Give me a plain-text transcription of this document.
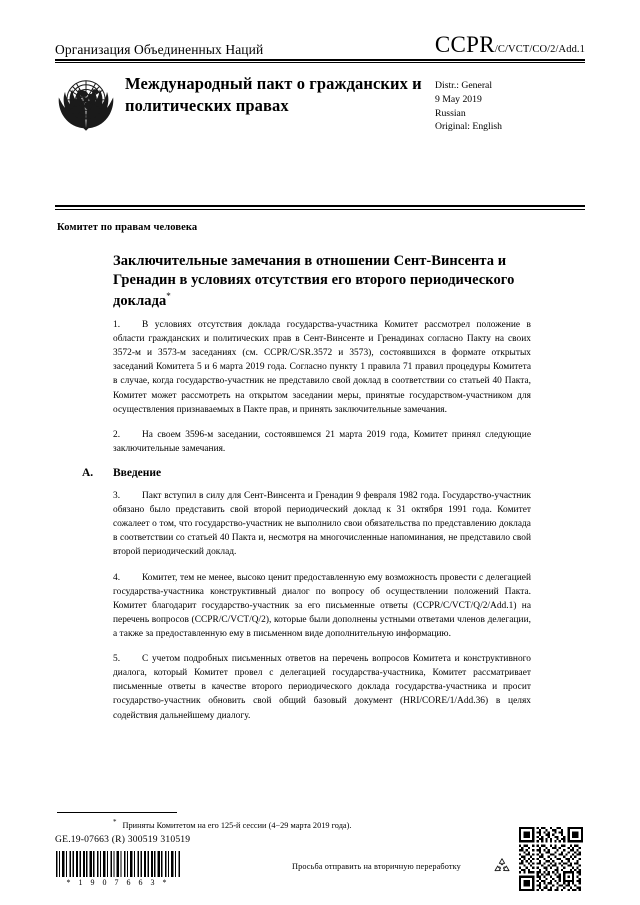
Организация Объединенных Наций	CCPR /C/VCT/CO/2/Add.1
Международный пакт о гражданских и политических правах
Distr.: General
9 May 2019
Russian
Original: English
Комитет по правам человека
Заключительные замечания в отношении Сент-Винсента и Гренадин в условиях отсутствия его второго периодического доклада*

1. В условиях отсутствия доклада государства-участника Комитет рассмотрел положение в области гражданских и политических прав в Сент-Винсенте и Гренадинах согласно Пакту на своих 3572-м и 3573-м заседаниях (см. CCPR/C/SR.3572 и 3573), состоявшихся в формате открытых заседаний Комитета 5 и 6 марта 2019 года. Согласно пункту 1 правила 71 правил процедуры Комитета в случае, когда государство-участник не представило свой доклад в соответствии со статьей 40 Пакта, Комитет может рассмотреть на открытом заседании меры, принятые государством-участником для осуществления признаваемых в Пакте прав, и принять заключительные замечания.

2. На своем 3596-м заседании, состоявшемся 21 марта 2019 года, Комитет принял следующие заключительные замечания.

A. Введение

3. Пакт вступил в силу для Сент-Винсента и Гренадин 9 февраля 1982 года. Государство-участник обязано было представить свой второй периодический доклад к 31 октября 1991 года. Комитет сожалеет о том, что государство-участник не выполнило свои обязательства по представлению доклада в соответствии со статьей 40 Пакта и, несмотря на многочисленные напоминания, не представило свой второй периодический доклад.

4. Комитет, тем не менее, высоко ценит предоставленную ему возможность провести с делегацией государства-участника конструктивный диалог по вопросу об осуществлении положений Пакта. Комитет благодарит государство-участник за его письменные ответы (CCPR/C/VCT/Q/2/Add.1) на перечень вопросов (CCPR/C/VCT/Q/2), которые были дополнены устными ответами членов делегации, а также за предоставленную ему в письменном виде дополнительную информацию.

5. С учетом подробных письменных ответов на перечень вопросов Комитета и конструктивного диалога, который Комитет провел с делегацией государства-участника, Комитет рассматривает письменные ответы в качестве второго периодического доклада государства-участника и просит государство-участник обновить свой общий базовый документ (HRI/CORE/1/Add.36) в целях содействия дальнейшему диалогу.

* Приняты Комитетом на его 125-й сессии (4−29 марта 2019 года).
GE.19-07663 (R) 300519 310519
* 1 9 0 7 6 6 3 *
Просьба отправить на вторичную переработку
